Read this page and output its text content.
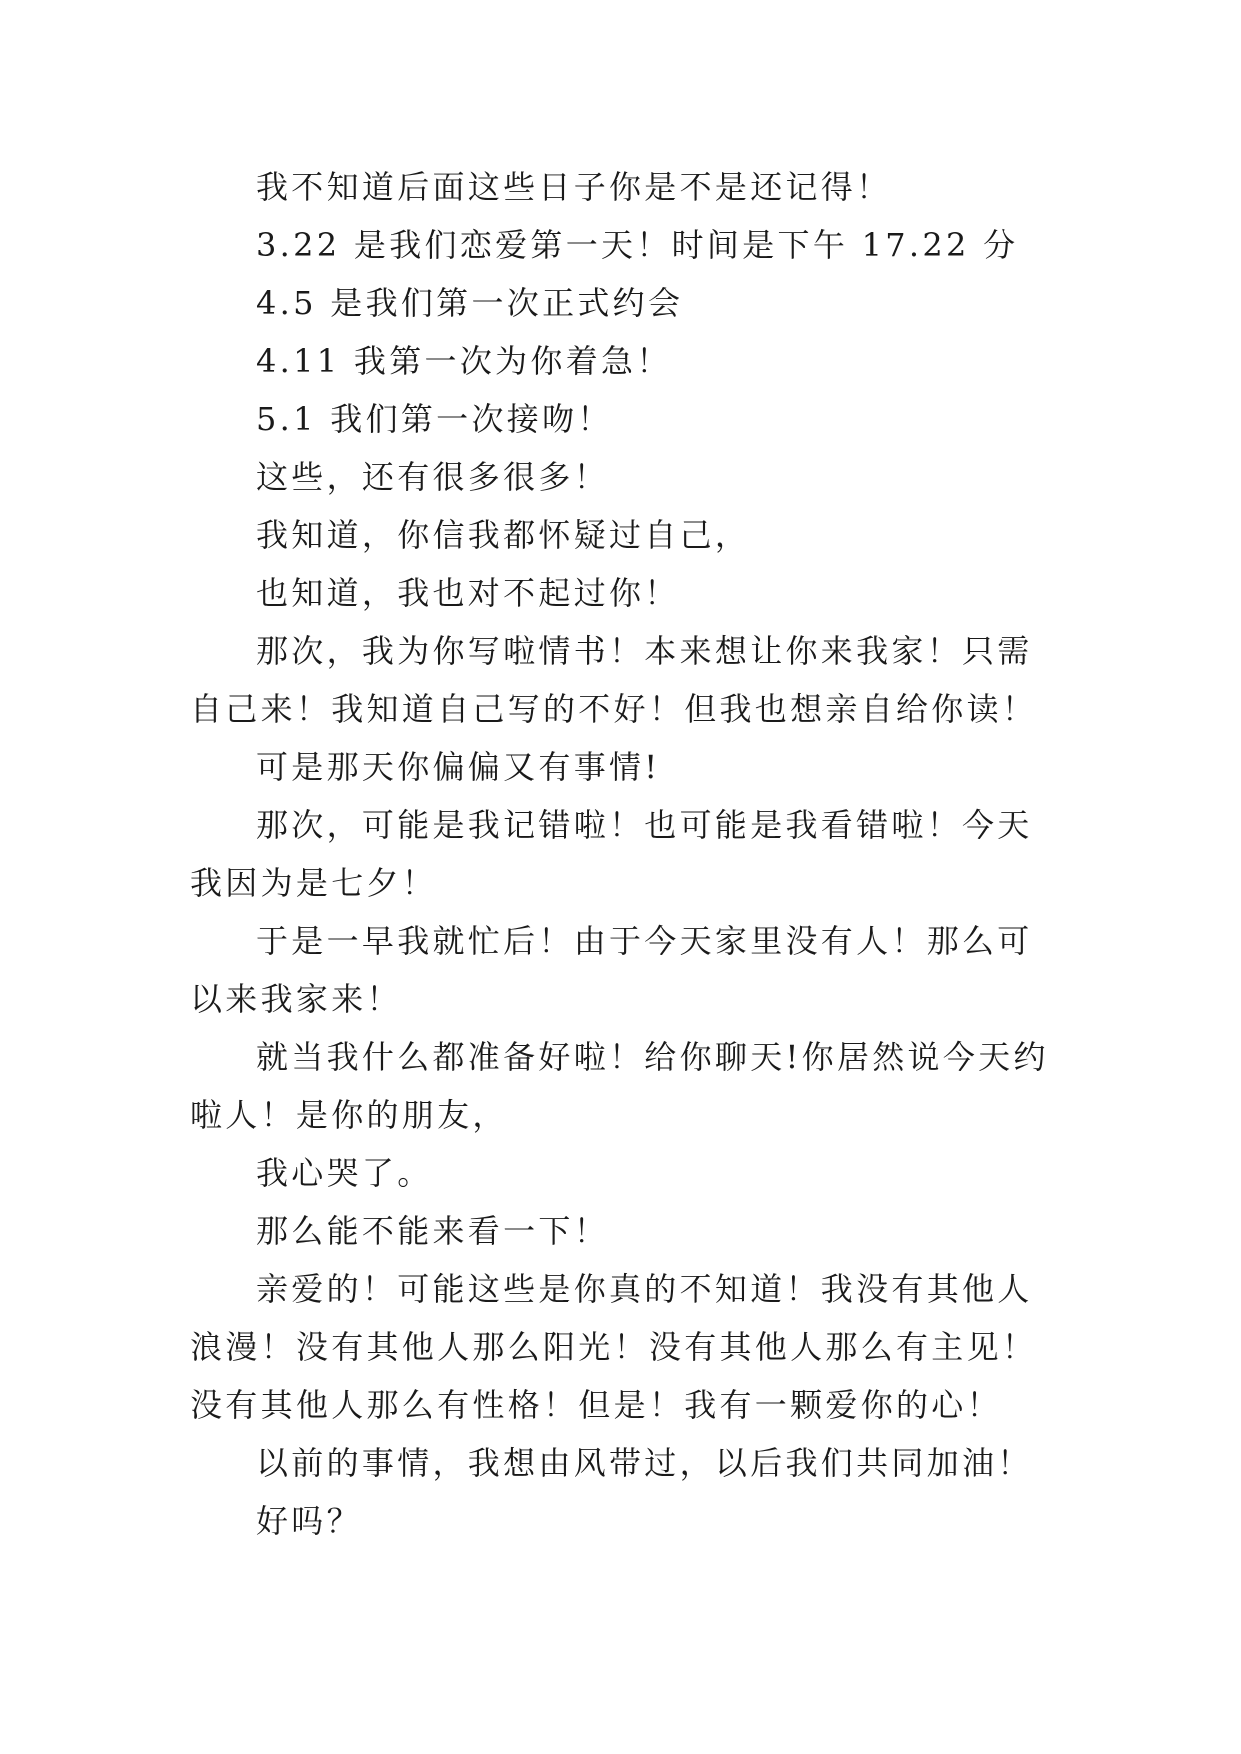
我不知道后面这些日子你是不是还记得！

3.22 是我们恋爱第一天！时间是下午 17.22 分

4.5 是我们第一次正式约会

4.11 我第一次为你着急！

5.1 我们第一次接吻！

这些，还有很多很多！

我知道，你信我都怀疑过自己，

也知道，我也对不起过你！

那次，我为你写啦情书！本来想让你来我家！只需自己来！我知道自己写的不好！但我也想亲自给你读！

可是那天你偏偏又有事情!

那次，可能是我记错啦！也可能是我看错啦！今天我因为是七夕！

于是一早我就忙后！由于今天家里没有人！那么可以来我家来！

就当我什么都准备好啦！给你聊天!你居然说今天约啦人！是你的朋友，

我心哭了。

那么能不能来看一下！

亲爱的！可能这些是你真的不知道！我没有其他人浪漫！没有其他人那么阳光！没有其他人那么有主见！没有其他人那么有性格！但是！我有一颗爱你的心！

以前的事情，我想由风带过，以后我们共同加油！

好吗？
